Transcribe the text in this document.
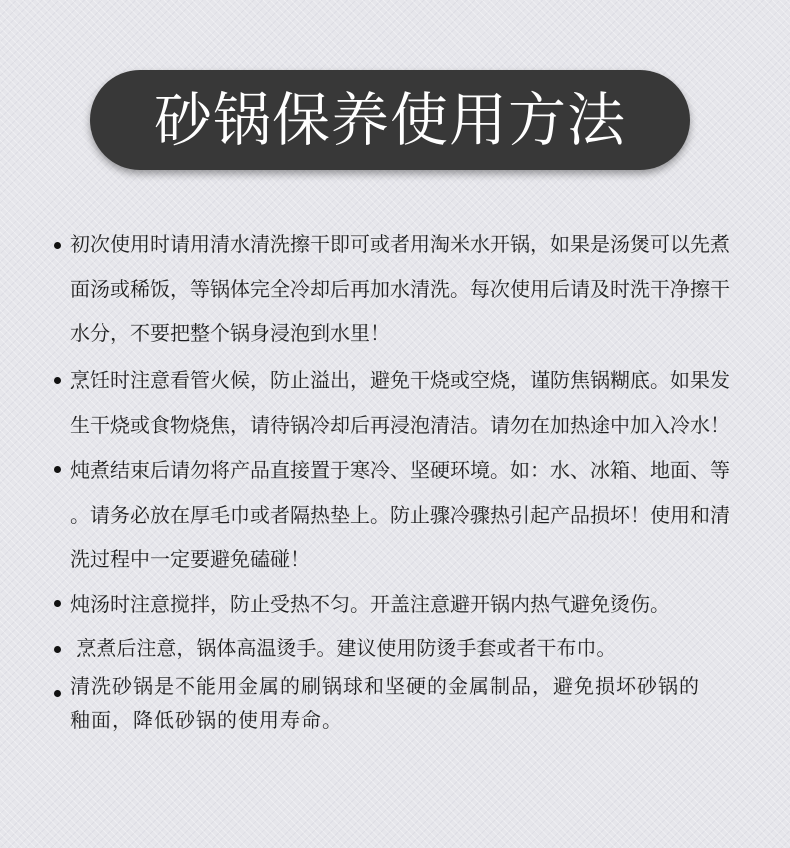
砂锅保养使用方法
初次使用时请用清水清洗擦干即可或者用淘米水开锅，如果是汤煲可以先煮
面汤或稀饭，等锅体完全冷却后再加水清洗。每次使用后请及时洗干净擦干
水分，不要把整个锅身浸泡到水里！
烹饪时注意看管火候，防止溢出，避免干烧或空烧，谨防焦锅糊底。如果发
生干烧或食物烧焦，请待锅冷却后再浸泡清洁。请勿在加热途中加入冷水！
炖煮结束后请勿将产品直接置于寒冷、坚硬环境。如：水、冰箱、地面、等
。请务必放在厚毛巾或者隔热垫上。防止骤冷骤热引起产品损坏！使用和清
洗过程中一定要避免磕碰！
炖汤时注意搅拌，防止受热不匀。开盖注意避开锅内热气避免烫伤。
烹煮后注意，锅体高温烫手。建议使用防烫手套或者干布巾。
清洗砂锅是不能用金属的刷锅球和坚硬的金属制品，避免损坏砂锅的
釉面，降低砂锅的使用寿命。
